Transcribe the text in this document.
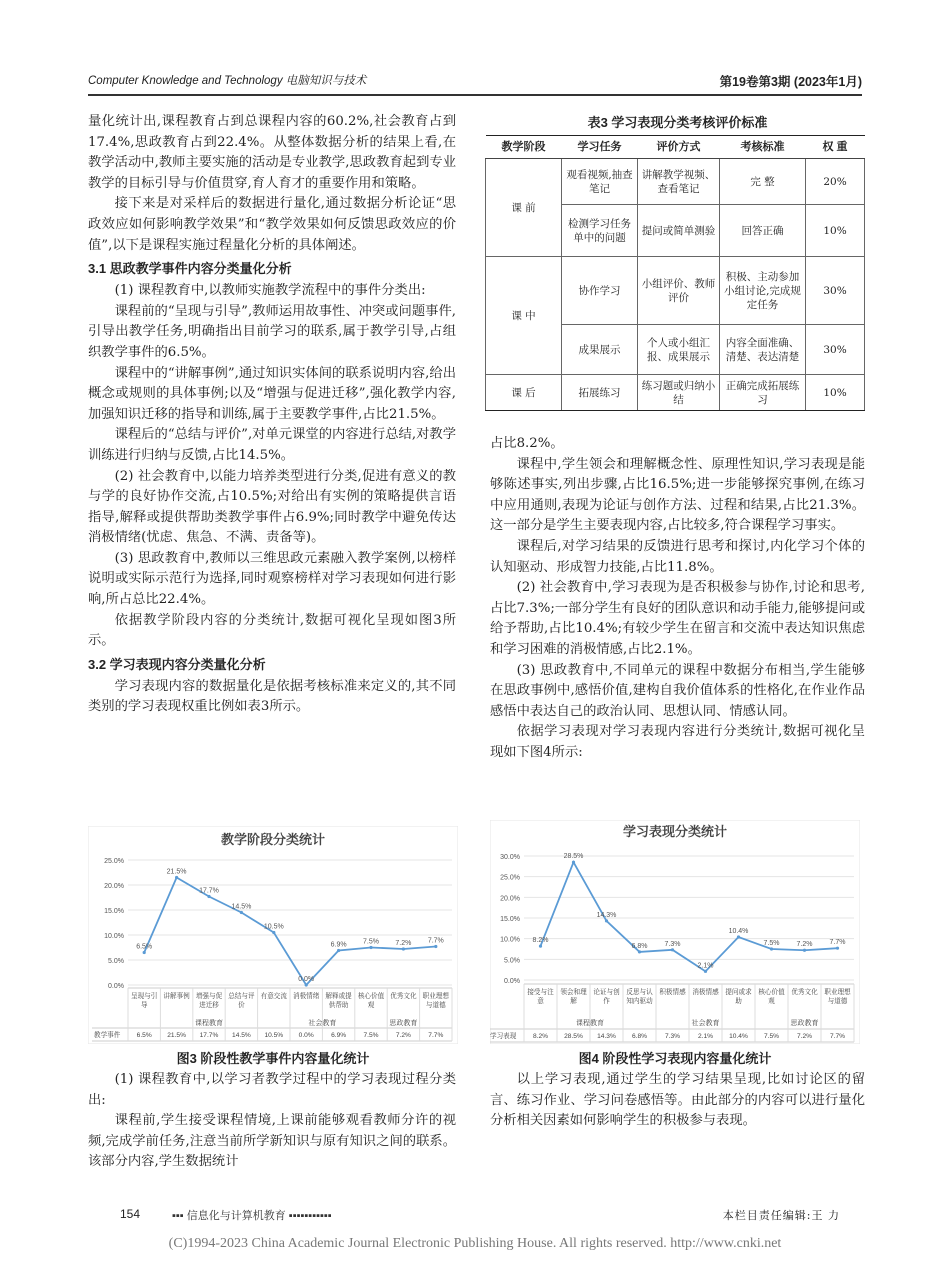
Computer Knowledge and Technology 电脑知识与技术	第19卷第3期 (2023年1月)

量化统计出,课程教育占到总课程内容的60.2%,社会教育占到17.4%,思政教育占到22.4%。从整体数据分析的结果上看,在教学活动中,教师主要实施的活动是专业教学,思政教育起到专业教学的目标引导与价值贯穿,育人育才的重要作用和策略。

接下来是对采样后的数据进行量化,通过数据分析论证“思政效应如何影响教学效果”和“教学效果如何反馈思政效应的价值”,以下是课程实施过程量化分析的具体阐述。

3.1 思政教学事件内容分类量化分析

(1) 课程教育中,以教师实施教学流程中的事件分类出:

课程前的“呈现与引导”,教师运用故事性、冲突或问题事件,引导出教学任务,明确指出目前学习的联系,属于教学引导,占组织教学事件的6.5%。

课程中的“讲解事例”,通过知识实体间的联系说明内容,给出概念或规则的具体事例;以及“增强与促进迁移”,强化教学内容,加强知识迁移的指导和训练,属于主要教学事件,占比21.5%。

课程后的“总结与评价”,对单元课堂的内容进行总结,对教学训练进行归纳与反馈,占比14.5%。

(2) 社会教育中,以能力培养类型进行分类,促进有意义的教与学的良好协作交流,占10.5%;对给出有实例的策略提供言语指导,解释或提供帮助类教学事件占6.9%;同时教学中避免传达消极情绪(忧虑、焦急、不满、责备等)。

(3) 思政教育中,教师以三维思政元素融入教学案例,以榜样说明或实际示范行为选择,同时观察榜样对学习表现如何进行影响,所占总比22.4%。

依据教学阶段内容的分类统计,数据可视化呈现如图3所示。

3.2 学习表现内容分类量化分析

学习表现内容的数据量化是依据考核标准来定义的,其不同类别的学习表现权重比例如表3所示。

教学阶段分类统计
0.0%
5.0%
10.0%
15.0%
20.0%
25.0%
呈现与引导
讲解事例 增强与促进迁移
总结与评价
有意交流 消极情绪 解释或提供帮助
核心价值观
优秀文化 职业理想与道德
课程教育	社会教育	思政教育
教学事件 6.5% 21.5% 17.7% 14.5% 10.5% 0.0%	6.9%	7.5%	7.2%	7.7%
6.5%
21.5%
17.7%
14.5%
10.5%
0.0%
6.9% 7.5% 7.2% 7.7%
图3 阶段性教学事件内容量化统计

(1) 课程教育中,以学习者教学过程中的学习表现过程分类出:

课程前,学生接受课程情境,上课前能够观看教师分许的视频,完成学前任务,注意当前所学新知识与原有知识之间的联系。该部分内容,学生数据统计

表3 学习表现分类考核评价标准
教学阶段	学习任务	评价方式	考核标准	权 重
课 前	观看视频,抽查笔记	讲解教学视频、查看笔记	完 整	20%
	检测学习任务单中的问题	提问或简单测验	回答正确	10%
课 中	协作学习	小组评价、教师评价	积极、主动参加小组讨论,完成规定任务	30%
	成果展示	个人或小组汇报、成果展示	内容全面准确、清楚、表达清楚	30%
课 后	拓展练习	练习题或归纳小结	正确完成拓展练习	10%

占比8.2%。

课程中,学生领会和理解概念性、原理性知识,学习表现是能够陈述事实,列出步骤,占比16.5%;进一步能够探究事例,在练习中应用通则,表现为论证与创作方法、过程和结果,占比21.3%。这一部分是学生主要表现内容,占比较多,符合课程学习事实。

课程后,对学习结果的反馈进行思考和探讨,内化学习个体的认知驱动、形成智力技能,占比11.8%。

(2) 社会教育中,学习表现为是否积极参与协作,讨论和思考,占比7.3%;一部分学生有良好的团队意识和动手能力,能够提问或给予帮助,占比10.4%;有较少学生在留言和交流中表达知识焦虑和学习困难的消极情感,占比2.1%。

(3) 思政教育中,不同单元的课程中数据分布相当,学生能够在思政事例中,感悟价值,建构自我价值体系的性格化,在作业作品感悟中表达自己的政治认同、思想认同、情感认同。

依据学习表现对学习表现内容进行分类统计,数据可视化呈现如下图4所示:

学习表现分类统计
0.0%
5.0%
10.0%
15.0%
20.0%
25.0%
30.0%
接受与注意
领会和理解
论证与创作
反思与认知内驱动
积极情感 消极情感 提问或求助
核心价值观
优秀文化 职业理想与道德
课程教育	社会教育	思政教育
学习表现	8.2% 28.5% 14.3% 6.8%	7.3%	2.1% 10.4% 7.5%	7.2%	7.7%
8.2%
28.5%
14.3%
6.8% 7.3%
2.1%
10.4%
7.5% 7.2% 7.7%
图4 阶段性学习表现内容量化统计

以上学习表现,通过学生的学习结果呈现,比如讨论区的留言、练习作业、学习问卷感悟等。由此部分的内容可以进行量化分析相关因素如何影响学生的积极参与表现。

154	▪▪▪ 信息化与计算机教育 ▪▪▪▪▪▪▪▪▪▪▪	本栏目责任编辑:王 力
(C)1994-2023 China Academic Journal Electronic Publishing House. All rights reserved. http://www.cnki.net
